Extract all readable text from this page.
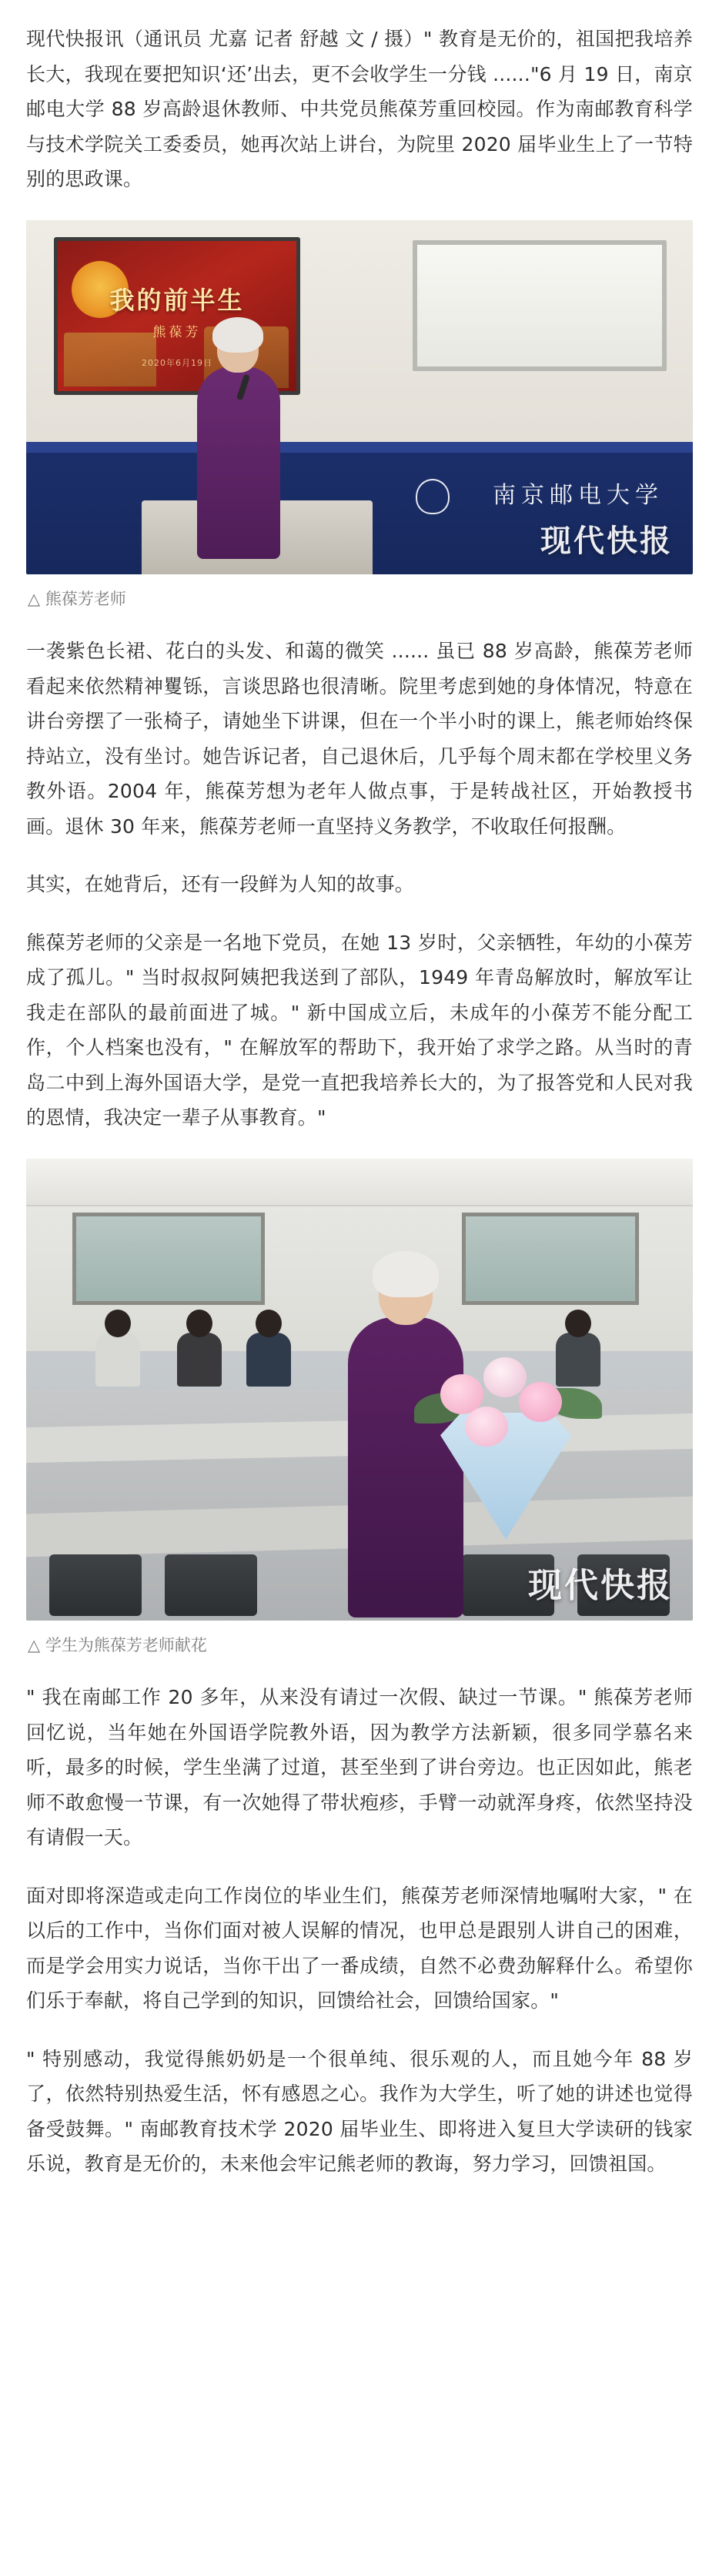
现代快报讯（通讯员 尤嘉 记者 舒越 文 / 摄）" 教育是无价的，祖国把我培养长大，我现在要把知识‘还’出去，更不会收学生一分钱 ......"6 月 19 日，南京邮电大学 88 岁高龄退休教师、中共党员熊葆芳重回校园。作为南邮教育科学与技术学院关工委委员，她再次站上讲台，为院里 2020 届毕业生上了一节特别的思政课。

我的前半生
熊葆芳
2020年6月19日
南京邮电大学
现代快报
△ 熊葆芳老师

一袭紫色长裙、花白的头发、和蔼的微笑 ...... 虽已 88 岁高龄，熊葆芳老师看起来依然精神矍铄，言谈思路也很清晰。院里考虑到她的身体情况，特意在讲台旁摆了一张椅子，请她坐下讲课，但在一个半小时的课上，熊老师始终保持站立，没有坐讨。她告诉记者，自己退休后，几乎每个周末都在学校里义务教外语。2004 年，熊葆芳想为老年人做点事，于是转战社区，开始教授书画。退休 30 年来，熊葆芳老师一直坚持义务教学，不收取任何报酬。

其实，在她背后，还有一段鲜为人知的故事。

熊葆芳老师的父亲是一名地下党员，在她 13 岁时，父亲牺牲，年幼的小葆芳成了孤儿。" 当时叔叔阿姨把我送到了部队，1949 年青岛解放时，解放军让我走在部队的最前面进了城。" 新中国成立后，未成年的小葆芳不能分配工作，个人档案也没有，" 在解放军的帮助下，我开始了求学之路。从当时的青岛二中到上海外国语大学，是党一直把我培养长大的，为了报答党和人民对我的恩情，我决定一辈子从事教育。"

现代快报
△ 学生为熊葆芳老师献花

" 我在南邮工作 20 多年，从来没有请过一次假、缺过一节课。" 熊葆芳老师回忆说，当年她在外国语学院教外语，因为教学方法新颖，很多同学慕名来听，最多的时候，学生坐满了过道，甚至坐到了讲台旁边。也正因如此，熊老师不敢愈慢一节课，有一次她得了带状疱疹，手臂一动就浑身疼，依然坚持没有请假一天。

面对即将深造或走向工作岗位的毕业生们，熊葆芳老师深情地嘱咐大家，" 在以后的工作中，当你们面对被人误解的情况，也甲总是跟别人讲自己的困难，而是学会用实力说话，当你干出了一番成绩，自然不必费劲解释什么。希望你们乐于奉献，将自己学到的知识，回馈给社会，回馈给国家。"

" 特别感动，我觉得熊奶奶是一个很单纯、很乐观的人，而且她今年 88 岁了，依然特别热爱生活，怀有感恩之心。我作为大学生，听了她的讲述也觉得备受鼓舞。" 南邮教育技术学 2020 届毕业生、即将进入复旦大学读研的钱家乐说，教育是无价的，未来他会牢记熊老师的教诲，努力学习，回馈祖国。
